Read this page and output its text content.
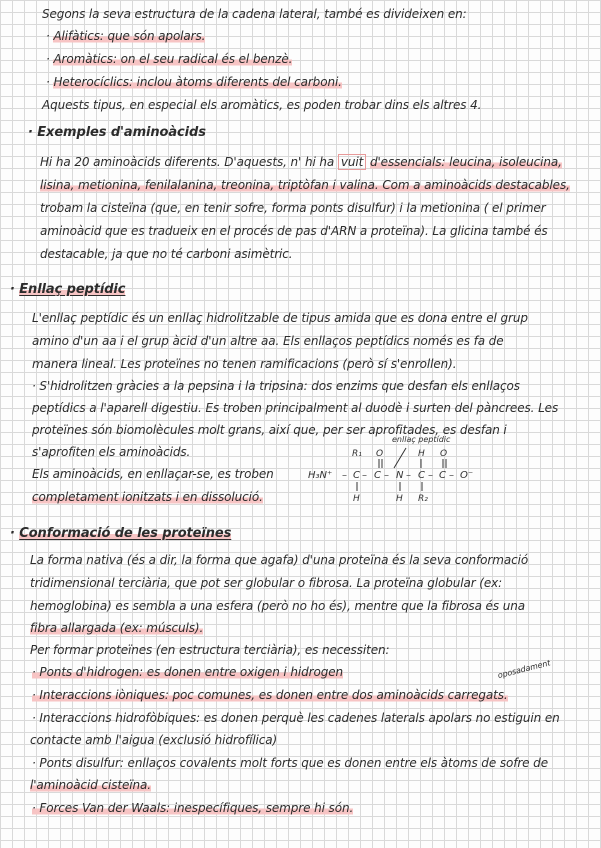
Segons la seva estructura de la cadena lateral, també es divideixen en:
· Alifàtics: que són apolars.
· Aromàtics: on el seu radical és el benzè.
· Heterocíclics: inclou àtoms diferents del carboni.
Aquests tipus, en especial els aromàtics, es poden trobar dins els altres 4.
· Exemples d'aminoàcids
Hi ha 20 aminoàcids diferents. D'aquests, n' hi ha vuit d'essencials: leucina, isoleucina,
lisina, metionina, fenilalanina, treonina, triptòfan i valina. Com a aminoàcids destacables,
trobam la cisteïna (que, en tenir sofre, forma ponts disulfur) i la metionina ( el primer
aminoàcid que es tradueix en el procés de pas d'ARN a proteïna). La glicina també és
destacable, ja que no té carboni asimètric.
· Enllaç peptídic
L'enllaç peptídic és un enllaç hidrolitzable de tipus amida que es dona entre el grup
amino d'un aa i el grup àcid d'un altre aa. Els enllaços peptídics només es fa de
manera lineal. Les proteïnes no tenen ramificacions (però sí s'enrollen).
· S'hidrolitzen gràcies a la pepsina i la tripsina: dos enzims que desfan els enllaços
peptídics a l'aparell digestiu. Es troben principalment al duodè i surten del pàncrees. Les
proteïnes són biomolècules molt grans, així que, per ser aprofitades, es desfan i
s'aprofiten els aminoàcids.
Els aminoàcids, en enllaçar-se, es troben
completament ionitzats i en dissolució.
enllaç peptídic
R₁ O	H O
H₃N⁺ – C – C – N – C – C – O⁻
H	H R₂
· Conformació de les proteïnes
La forma nativa (és a dir, la forma que agafa) d'una proteïna és la seva conformació
tridimensional terciària, que pot ser globular o fibrosa. La proteïna globular (ex:
hemoglobina) es sembla a una esfera (però no ho és), mentre que la fibrosa és una
fibra allargada (ex: músculs).
Per formar proteïnes (en estructura terciària), es necessiten:
· Ponts d'hidrogen: es donen entre oxigen i hidrogen
· Interaccions iòniques: poc comunes, es donen entre dos aminoàcids carregats.
oposadament
· Interaccions hidrofòbiques: es donen perquè les cadenes laterals apolars no estiguin en
contacte amb l'aigua (exclusió hidrofílica)
· Ponts disulfur: enllaços covalents molt forts que es donen entre els àtoms de sofre de
l'aminoàcid cisteïna.
· Forces Van der Waals: inespecífiques, sempre hi són.
